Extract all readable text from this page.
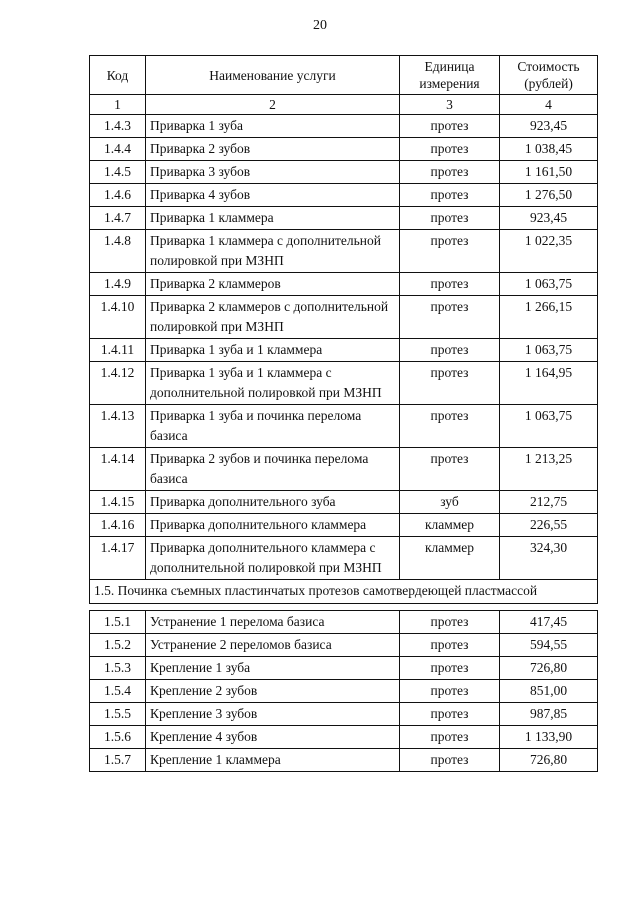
20
Код	Наименование услуги	Единица измерения	Стоимость (рублей)
1	2	3	4
1.4.3	Приварка 1 зуба	протез	923,45
1.4.4	Приварка 2 зубов	протез	1 038,45
1.4.5	Приварка 3 зубов	протез	1 161,50
1.4.6	Приварка 4 зубов	протез	1 276,50
1.4.7	Приварка 1 кламмера	протез	923,45
1.4.8	Приварка 1 кламмера с дополнительной полировкой при МЗНП	протез	1 022,35
1.4.9	Приварка 2 кламмеров	протез	1 063,75
1.4.10	Приварка 2 кламмеров с дополнительной полировкой при МЗНП	протез	1 266,15
1.4.11	Приварка 1 зуба и 1 кламмера	протез	1 063,75
1.4.12	Приварка 1 зуба и 1 кламмера с дополнительной полировкой при МЗНП	протез	1 164,95
1.4.13	Приварка 1 зуба и починка перелома базиса	протез	1 063,75
1.4.14	Приварка 2 зубов и починка перелома базиса	протез	1 213,25
1.4.15	Приварка дополнительного зуба	зуб	212,75
1.4.16	Приварка дополнительного кламмера	кламмер	226,55
1.4.17	Приварка дополнительного кламмера с дополнительной полировкой при МЗНП	кламмер	324,30
1.5. Починка съемных пластинчатых протезов самотвердеющей пластмассой			

1.5.1	Устранение 1 перелома базиса	протез	417,45
1.5.2	Устранение 2 переломов базиса	протез	594,55
1.5.3	Крепление 1 зуба	протез	726,80
1.5.4	Крепление 2 зубов	протез	851,00
1.5.5	Крепление 3 зубов	протез	987,85
1.5.6	Крепление 4 зубов	протез	1 133,90
1.5.7	Крепление 1 кламмера	протез	726,80
